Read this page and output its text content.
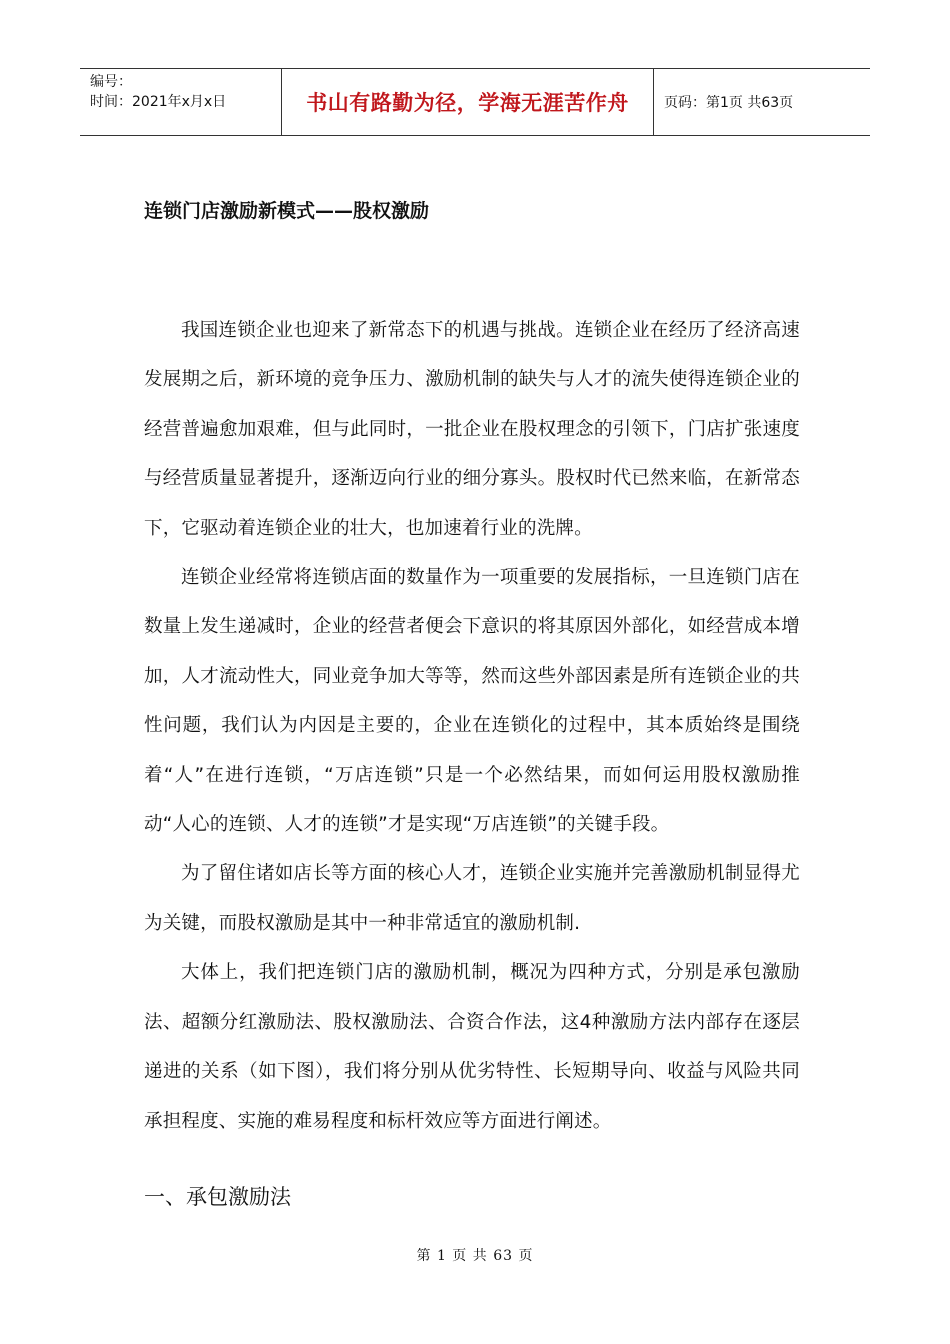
编号：
时间：2021年x月x日	书山有路勤为径，学海无涯苦作舟	页码：第1页 共63页
连锁门店激励新模式——股权激励

我国连锁企业也迎来了新常态下的机遇与挑战。连锁企业在经历了经济高速发展期之后，新环境的竞争压力、激励机制的缺失与人才的流失使得连锁企业的经营普遍愈加艰难，但与此同时，一批企业在股权理念的引领下，门店扩张速度与经营质量显著提升，逐渐迈向行业的细分寡头。股权时代已然来临，在新常态下，它驱动着连锁企业的壮大，也加速着行业的洗牌。

连锁企业经常将连锁店面的数量作为一项重要的发展指标，一旦连锁门店在数量上发生递减时，企业的经营者便会下意识的将其原因外部化，如经营成本增加，人才流动性大，同业竞争加大等等，然而这些外部因素是所有连锁企业的共性问题，我们认为内因是主要的，企业在连锁化的过程中，其本质始终是围绕着“人”在进行连锁，“万店连锁”只是一个必然结果，而如何运用股权激励推动“人心的连锁、人才的连锁”才是实现“万店连锁”的关键手段。

为了留住诸如店长等方面的核心人才，连锁企业实施并完善激励机制显得尤为关键，而股权激励是其中一种非常适宜的激励机制.

大体上，我们把连锁门店的激励机制，概况为四种方式，分别是承包激励法、超额分红激励法、股权激励法、合资合作法，这4种激励方法内部存在逐层递进的关系（如下图），我们将分别从优劣特性、长短期导向、收益与风险共同承担程度、实施的难易程度和标杆效应等方面进行阐述。

一、承包激励法
第 1 页 共 63 页
